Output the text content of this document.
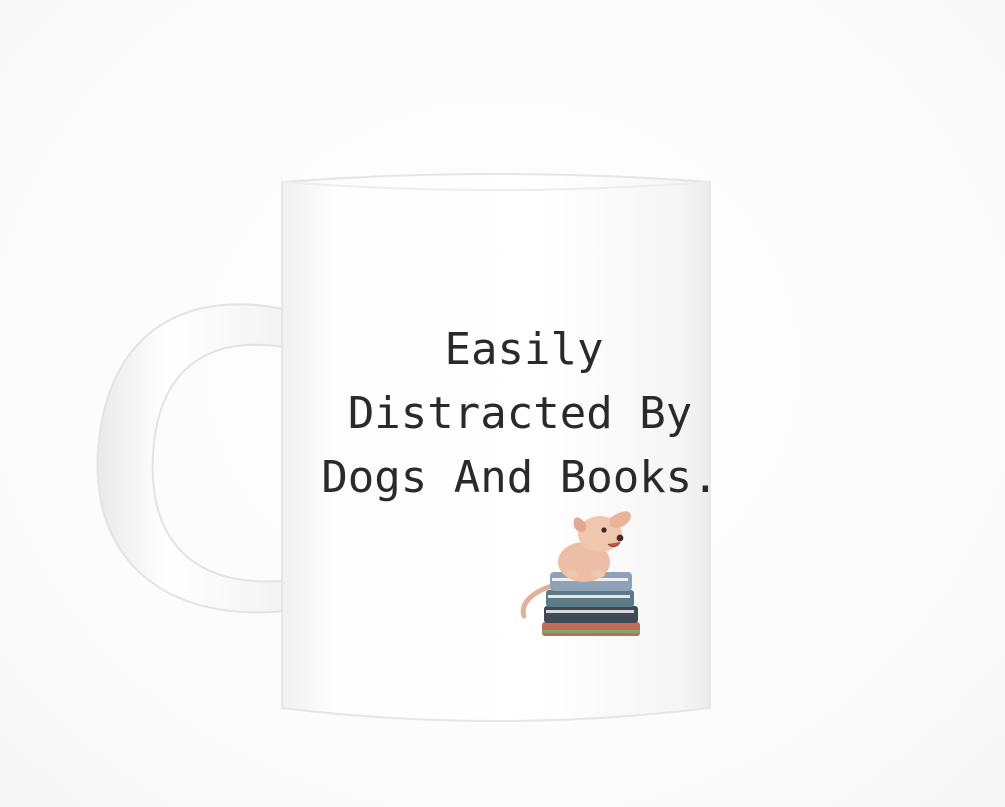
Easily
Distracted By
Dogs And Books.
